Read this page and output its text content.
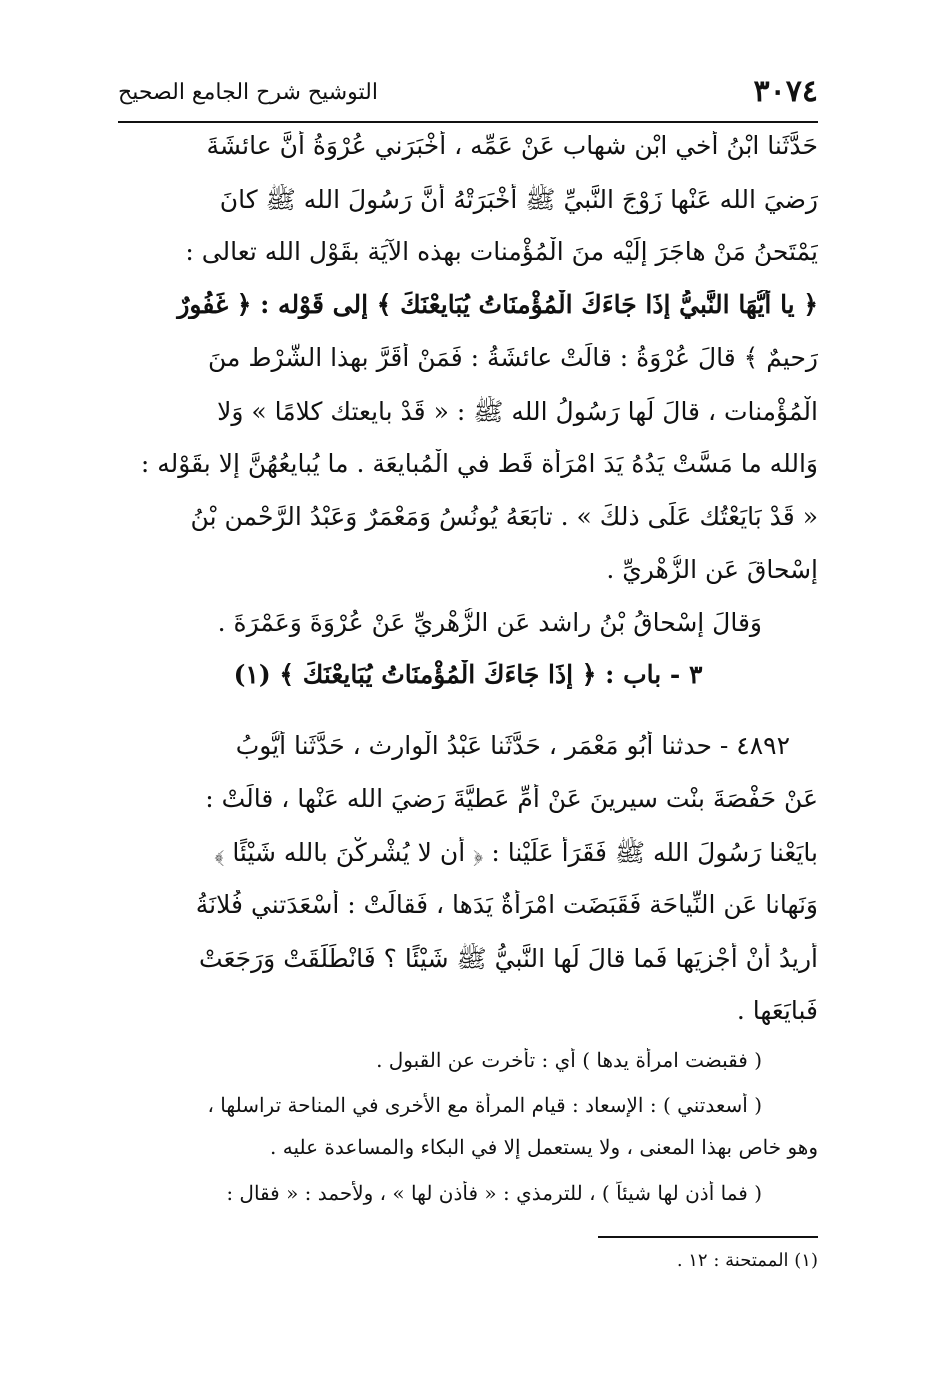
٣٠٧٤
التوشيح شرح الجامع الصحيح
حَدَّثَنا ابْنُ أَخي ابْن شهاب عَنْ عَمِّه ، أَخْبَرَني عُرْوَةُ أَنَّ عائشَةَ
رَضيَ الله عَنْها زَوْجَ النَّبيِّ ﷺ أَخْبَرَتْهُ أَنَّ رَسُولَ الله ﷺ كانَ
يَمْتَحنُ مَنْ هاجَرَ إلَيْه منَ الْمُؤْمنات بهذه الآيَة بقَوْل الله تعالى :
﴿ يا أَيُّهَا النَّبيُّ إذَا جَاءَكَ الْمُؤْمنَاتُ يُبَايعْنَكَ ﴾ إلى قَوْله : ﴿ غَفُورٌ
رَحيمٌ ﴾ قالَ عُرْوَةُ : قالَتْ عائشَةُ : فَمَنْ أَقَرَّ بهذا الشَّرْط منَ
الْمُؤْمنات ، قالَ لَها رَسُولُ الله ﷺ : « قَدْ بايعتك كلامًا » وَلا
وَالله ما مَسَّتْ يَدُهُ يَدَ امْرَأَة قَط في الْمُبايعَة . ما يُبايعُهُنَّ إلا بقَوْله :
« قَدْ بَايَعْتُك عَلَى ذلكَ » . تابَعَهُ يُونُسُ وَمَعْمَرٌ وَعَبْدُ الرَّحْمن بْنُ
إسْحاقَ عَن الزُّهْريِّ .
وَقالَ إسْحاقُ بْنُ راشد عَن الزُّهْريِّ عَنْ عُرْوَةَ وَعَمْرَةَ .
٣ - باب : ﴿ إذَا جَاءَكَ الْمُؤْمنَاتُ يُبَايعْنَكَ ﴾ (١)
٤٨٩٢ - حدثنا أَبُو مَعْمَر ، حَدَّثَنا عَبْدُ الْوارث ، حَدَّثَنا أَيُّوبُ
عَنْ حَفْصَةَ بنْت سيرينَ عَنْ أُمِّ عَطيَّةَ رَضيَ الله عَنْها ، قالَتْ :
بايَعْنا رَسُولَ الله ﷺ فَقَرَأَ عَلَيْنا : ﴿ أَن لا يُشْركْنَ بالله شَيْئًا ﴾
وَنَهانا عَن النِّياحَة فَقَبَضَت امْرَأَةٌ يَدَها ، فَقالَتْ : أَسْعَدَتني فُلانَةُ
أُريدُ أَنْ أَجْزيَها فَما قالَ لَها النَّبيُّ ﷺ شَيْئًا ؟ فَانْطَلَقَتْ وَرَجَعَتْ
فَبايَعَها .
( فقبضت امرأة يدها ) أي : تأخرت عن القبول .
( أسعدتني ) : الإسعاد : قيام المرأة مع الأخرى في المناحة تراسلها ،
وهو خاص بهذا المعنى ، ولا يستعمل إلا في البكاء والمساعدة عليه .
( فما أذن لها شيئاً ) ، للترمذي : « فأذن لها » ، ولأحمد : « فقال :
(١) الممتحنة : ١٢ .
